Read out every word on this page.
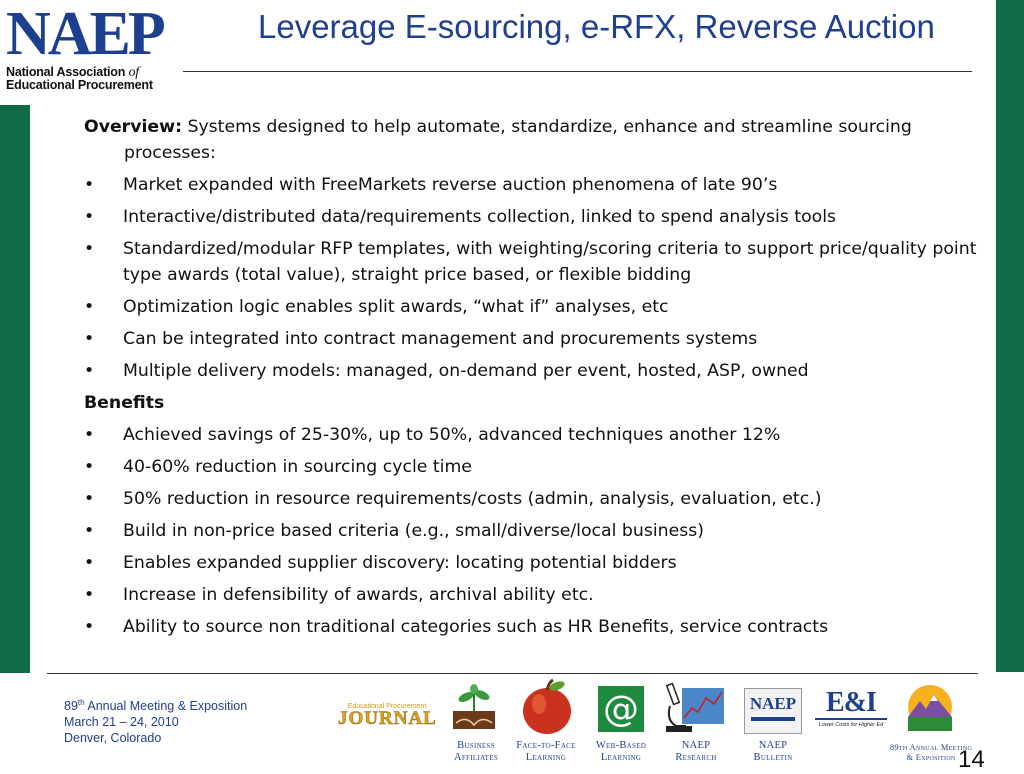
NAEP
National Association of
Educational Procurement
Leverage E-sourcing, e-RFX, Reverse Auction

Overview: Systems designed to help automate, standardize, enhance and streamline sourcing processes:

• Market expanded with FreeMarkets reverse auction phenomena of late 90’s

• Interactive/distributed data/requirements collection, linked to spend analysis tools

• Standardized/modular RFP templates, with weighting/scoring criteria to support price/quality point type awards (total value), straight price based, or flexible bidding

• Optimization logic enables split awards, “what if” analyses, etc

• Can be integrated into contract management and procurements systems

• Multiple delivery models: managed, on-demand per event, hosted, ASP, owned

Benefits

• Achieved savings of 25-30%, up to 50%, advanced techniques another 12%

• 40-60% reduction in sourcing cycle time

• 50% reduction in resource requirements/costs (admin, analysis, evaluation, etc.)

• Build in non-price based criteria (e.g., small/diverse/local business)

• Enables expanded supplier discovery: locating potential bidders

• Increase in defensibility of awards, archival ability etc.

• Ability to source non traditional categories such as HR Benefits, service contracts

89th Annual Meeting & Exposition
March 21 – 24, 2010
Denver, Colorado
Educational Procurement
JOURNAL
Business
Affiliates
Face-to-Face
Learning
@
Web-Based
Learning
NAEP
Research
NAEP
NAEP
Bulletin
E&I
Lower Costs for Higher Ed
89th Annual Meeting
& Exposition 14
